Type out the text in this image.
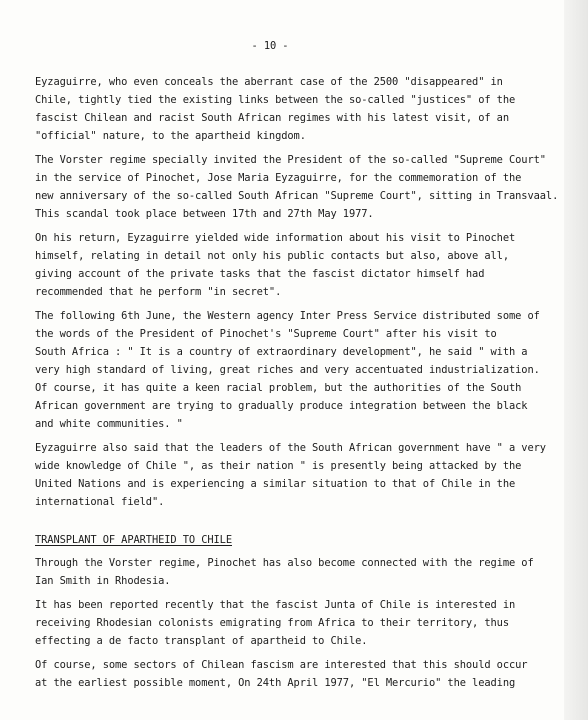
- 10 -
Eyzaguirre, who even conceals the aberrant case of the 2500 "disappeared" in
Chile, tightly tied the existing links between the so-called "justices" of the
fascist Chilean and racist South African regimes with his latest visit, of an
"official" nature, to the apartheid kingdom.
The Vorster regime specially invited the President of the so-called "Supreme Court"
in the service of Pinochet, Jose Maria Eyzaguirre, for the commemoration of the
new anniversary of the so-called South African "Supreme Court", sitting in Transvaal.
This scandal took place between 17th and 27th May 1977.
On his return, Eyzaguirre yielded wide information about his visit to Pinochet
himself, relating in detail not only his public contacts but also, above all,
giving account of the private tasks that the fascist dictator himself had
recommended that he perform "in secret".
The following 6th June, the Western agency Inter Press Service distributed some of
the words of the President of Pinochet's "Supreme Court" after his visit to
South Africa : " It is a country of extraordinary development", he said " with a
very high standard of living, great riches and very accentuated industrialization.
Of course, it has quite a keen racial problem, but the authorities of the South
African government are trying to gradually produce integration between the black
and white communities. "
Eyzaguirre also said that the leaders of the South African government have " a very
wide knowledge of Chile ", as their nation " is presently being attacked by the
United Nations and is experiencing a similar situation to that of Chile in the
international field".
TRANSPLANT OF APARTHEID TO CHILE
Through the Vorster regime, Pinochet has also become connected with the regime of
Ian Smith in Rhodesia.
It has been reported recently that the fascist Junta of Chile is interested in
receiving Rhodesian colonists emigrating from Africa to their territory, thus
effecting a de facto transplant of apartheid to Chile.
Of course, some sectors of Chilean fascism are interested that this should occur
at the earliest possible moment, On 24th April 1977, "El Mercurio" the leading
